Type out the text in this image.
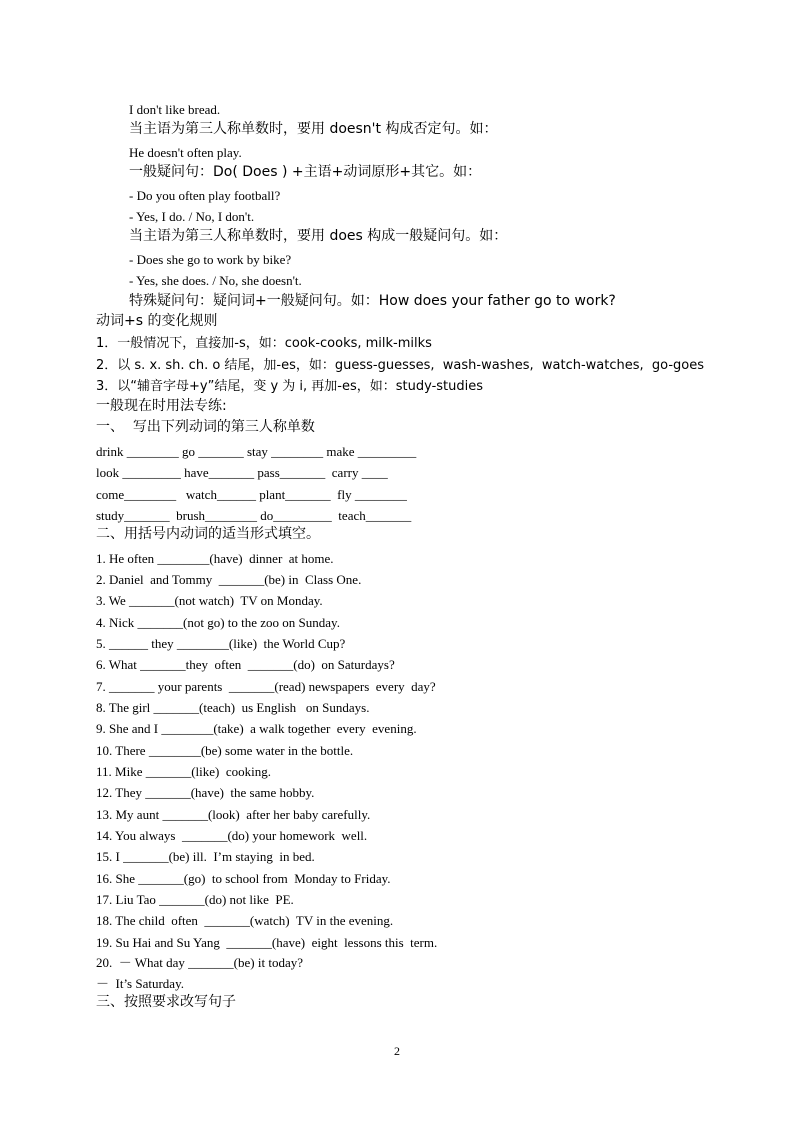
I don't like bread.
当主语为第三人称单数时，要用 doesn't 构成否定句。如：
He doesn't often play.
一般疑问句：Do( Does ) +主语+动词原形+其它。如：
- Do you often play football?
- Yes, I do. / No, I don't.
当主语为第三人称单数时，要用 does 构成一般疑问句。如：
- Does she go to work by bike?
- Yes, she does. / No, she doesn't.
特殊疑问句：疑问词+一般疑问句。如：How does your father go to work?
动词+s 的变化规则
1．一般情况下，直接加-s，如：cook-cooks, milk-milks
2．以 s. x. sh. ch. o 结尾，加-es，如：guess-guesses,  wash-washes,  watch-watches,  go-goes
3．以“辅音字母+y”结尾，变 y 为 i, 再加-es，如：study-studies
一般现在时用法专练:
一、  写出下列动词的第三人称单数
drink ________ go _______ stay ________ make _________
look _________ have_______ pass_______  carry ____
come________   watch______ plant_______  fly ________
study_______  brush________ do_________  teach_______
二、用括号内动词的适当形式填空。
1. He often ________(have)  dinner  at home.
2. Daniel  and Tommy  _______(be) in  Class One.
3. We _______(not watch)  TV on Monday.
4. Nick _______(not go) to the zoo on Sunday.
5. ______ they ________(like)  the World Cup?
6. What _______they  often  _______(do)  on Saturdays?
7. _______ your parents  _______(read) newspapers  every  day?
8. The girl _______(teach)  us English   on Sundays.
9. She and I ________(take)  a walk together  every  evening.
10. There ________(be) some water in the bottle.
11. Mike _______(like)  cooking.
12. They _______(have)  the same hobby.
13. My aunt _______(look)  after her baby carefully.
14. You always  _______(do) your homework  well.
15. I _______(be) ill.  I’m staying  in bed.
16. She _______(go)  to school from  Monday to Friday.
17. Liu Tao _______(do) not like  PE.
18. The child  often  _______(watch)  TV in the evening.
19. Su Hai and Su Yang  _______(have)  eight  lessons this  term.
20.  － What day _______(be) it today?
－  It’s Saturday.
三、按照要求改写句子
2
